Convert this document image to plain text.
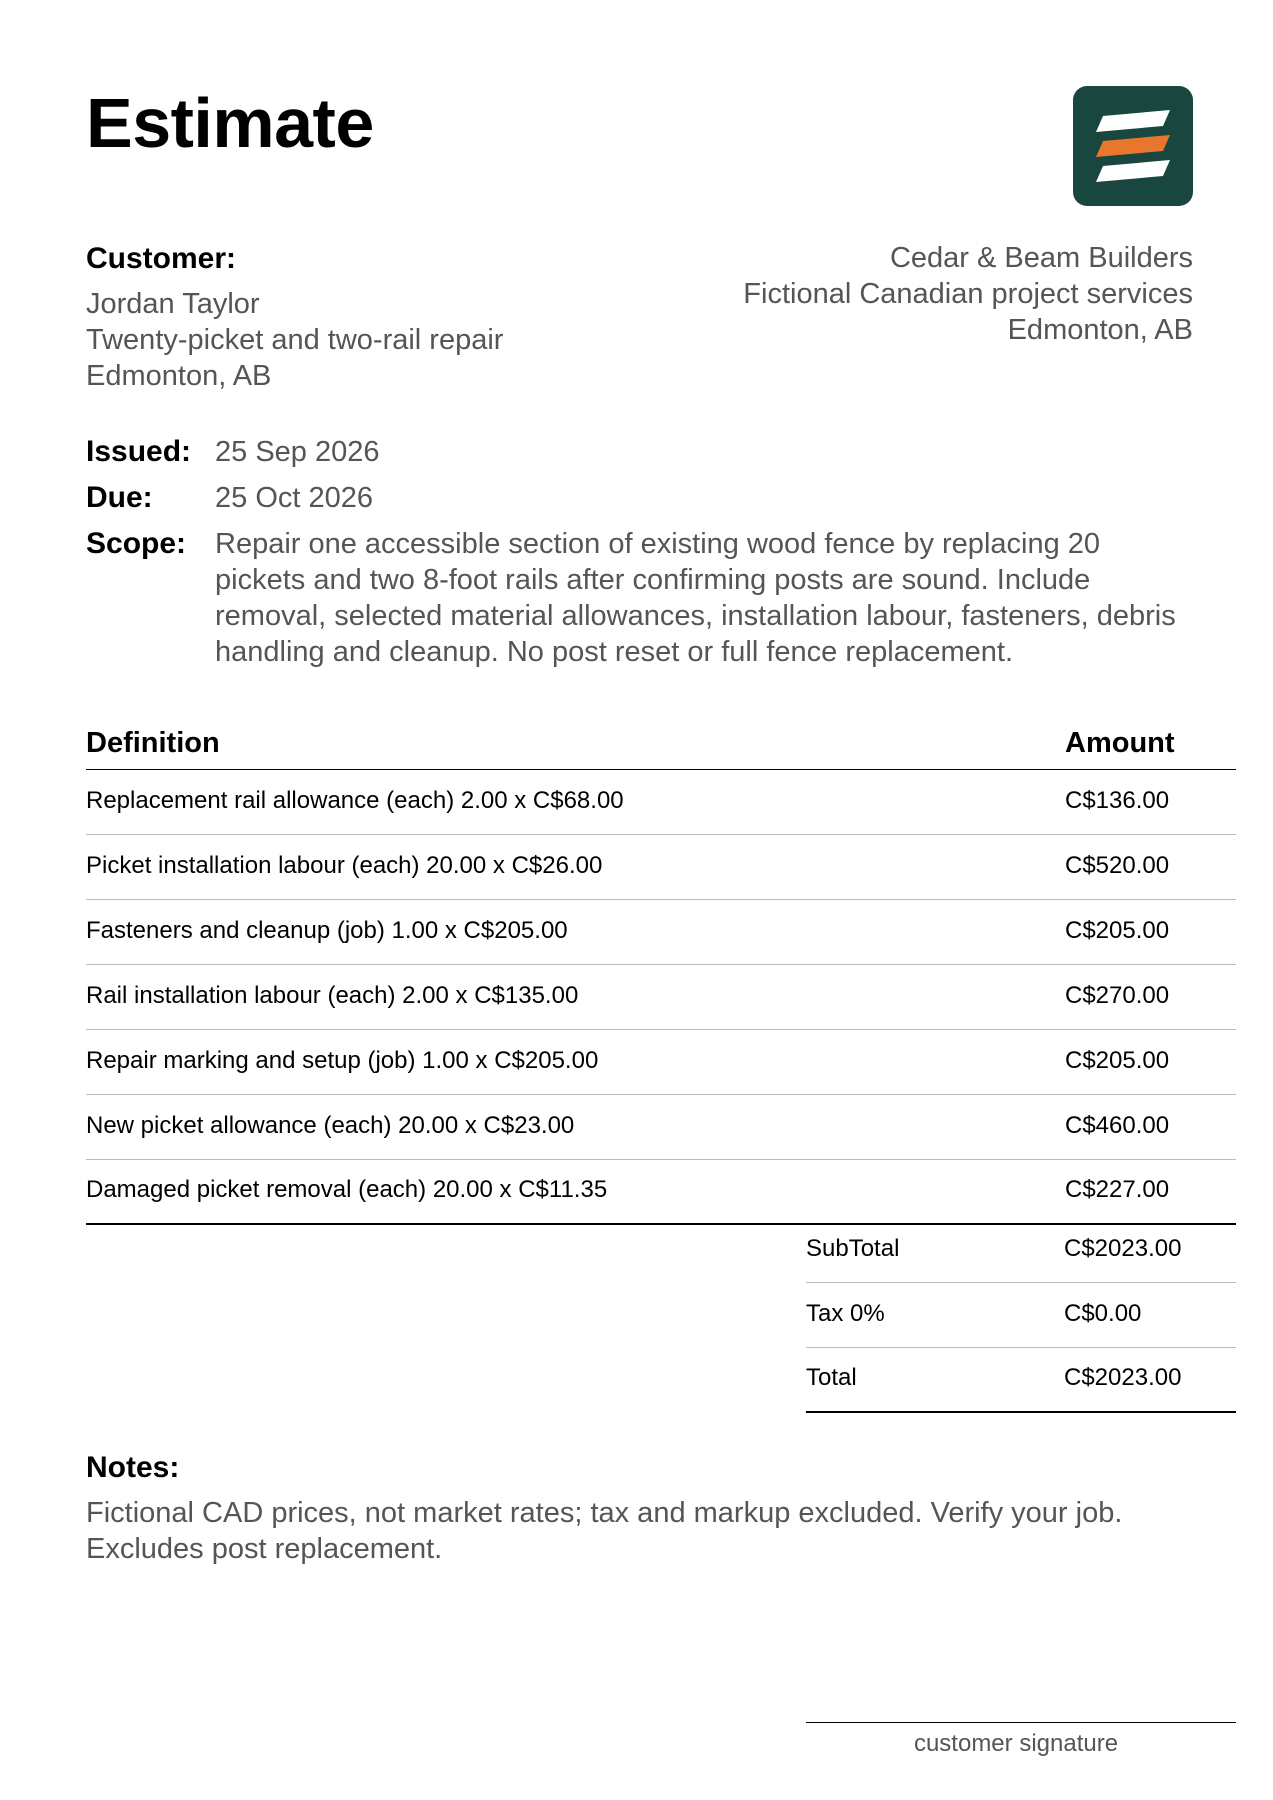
Estimate
Customer:
Jordan Taylor
Twenty-picket and two-rail repair
Edmonton, AB
Cedar & Beam Builders
Fictional Canadian project services
Edmonton, AB
Issued: 25 Sep 2026
Due:	25 Oct 2026
Scope: Repair one accessible section of existing wood fence by replacing 20 pickets and two 8-foot rails after confirming posts are sound. Include removal, selected material allowances, installation labour, fasteners, debris handling and cleanup. No post reset or full fence replacement.
Definition	Amount
Replacement rail allowance (each) 2.00 x C$68.00	C$136.00
Picket installation labour (each) 20.00 x C$26.00	C$520.00
Fasteners and cleanup (job) 1.00 x C$205.00	C$205.00
Rail installation labour (each) 2.00 x C$135.00	C$270.00
Repair marking and setup (job) 1.00 x C$205.00	C$205.00
New picket allowance (each) 20.00 x C$23.00	C$460.00
Damaged picket removal (each) 20.00 x C$11.35	C$227.00
SubTotal	C$2023.00
Tax 0%	C$0.00
Total	C$2023.00
Notes:
Fictional CAD prices, not market rates; tax and markup excluded. Verify your job. Excludes post replacement.
customer signature
